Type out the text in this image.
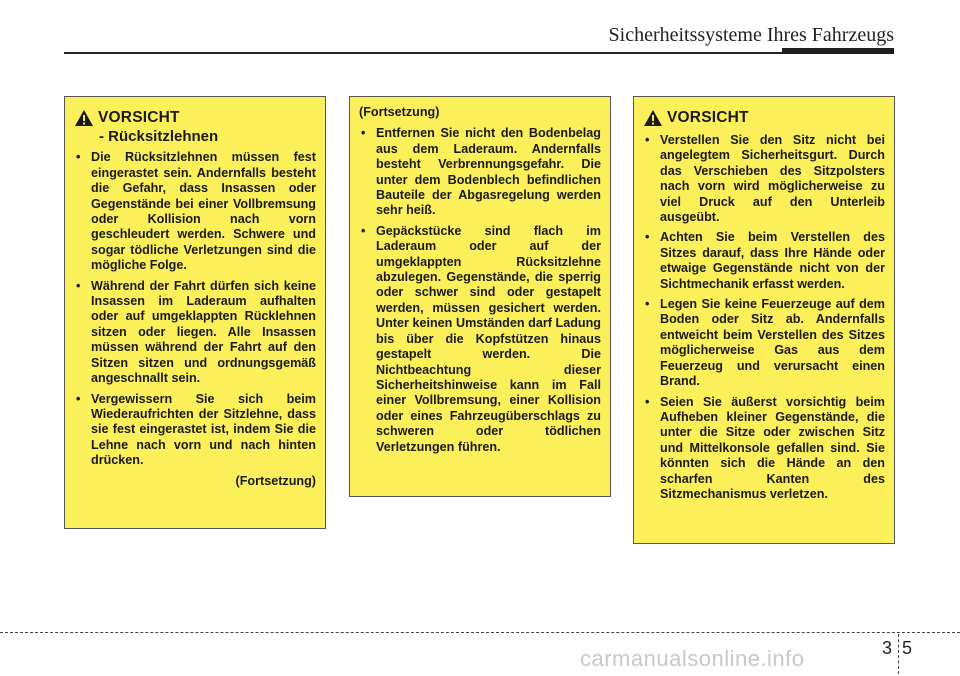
Sicherheitssysteme Ihres Fahrzeugs
VORSICHT
- Rücksitzlehnen
• Die Rücksitzlehnen müssen fest eingerastet sein. Andernfalls besteht die Gefahr, dass Insassen oder Gegenstände bei einer Vollbremsung oder Kollision nach vorn geschleudert werden. Schwere und sogar tödliche Verletzungen sind die mögliche Folge.
• Während der Fahrt dürfen sich keine Insassen im Laderaum aufhalten oder auf umgeklappten Rücklehnen sitzen oder liegen. Alle Insassen müssen während der Fahrt auf den Sitzen sitzen und ordnungsgemäß angeschnallt sein.
• Vergewissern Sie sich beim Wiederaufrichten der Sitzlehne, dass sie fest eingerastet ist, indem Sie die Lehne nach vorn und nach hinten drücken.
(Fortsetzung)
(Fortsetzung)
• Entfernen Sie nicht den Bodenbelag aus dem Laderaum. Andernfalls besteht Verbrennungsgefahr. Die unter dem Bodenblech befindlichen Bauteile der Abgasregelung werden sehr heiß.
• Gepäckstücke sind flach im Laderaum oder auf der umgeklappten Rücksitzlehne abzulegen. Gegenstände, die sperrig oder schwer sind oder gestapelt werden, müssen gesichert werden. Unter keinen Umständen darf Ladung bis über die Kopfstützen hinaus gestapelt werden. Die Nichtbeachtung dieser Sicherheitshinweise kann im Fall einer Vollbremsung, einer Kollision oder eines Fahrzeugüberschlags zu schweren oder tödlichen Verletzungen führen.
VORSICHT
• Verstellen Sie den Sitz nicht bei angelegtem Sicherheitsgurt. Durch das Verschieben des Sitzpolsters nach vorn wird möglicherweise zu viel Druck auf den Unterleib ausgeübt.
• Achten Sie beim Verstellen des Sitzes darauf, dass Ihre Hände oder etwaige Gegenstände nicht von der Sichtmechanik erfasst werden.
• Legen Sie keine Feuerzeuge auf dem Boden oder Sitz ab. Andernfalls entweicht beim Verstellen des Sitzes möglicherweise Gas aus dem Feuerzeug und verursacht einen Brand.
• Seien Sie äußerst vorsichtig beim Aufheben kleiner Gegenstände, die unter die Sitze oder zwischen Sitz und Mittelkonsole gefallen sind. Sie könnten sich die Hände an den scharfen Kanten des Sitzmechanismus verletzen.
3 5
carmanualsonline.info
